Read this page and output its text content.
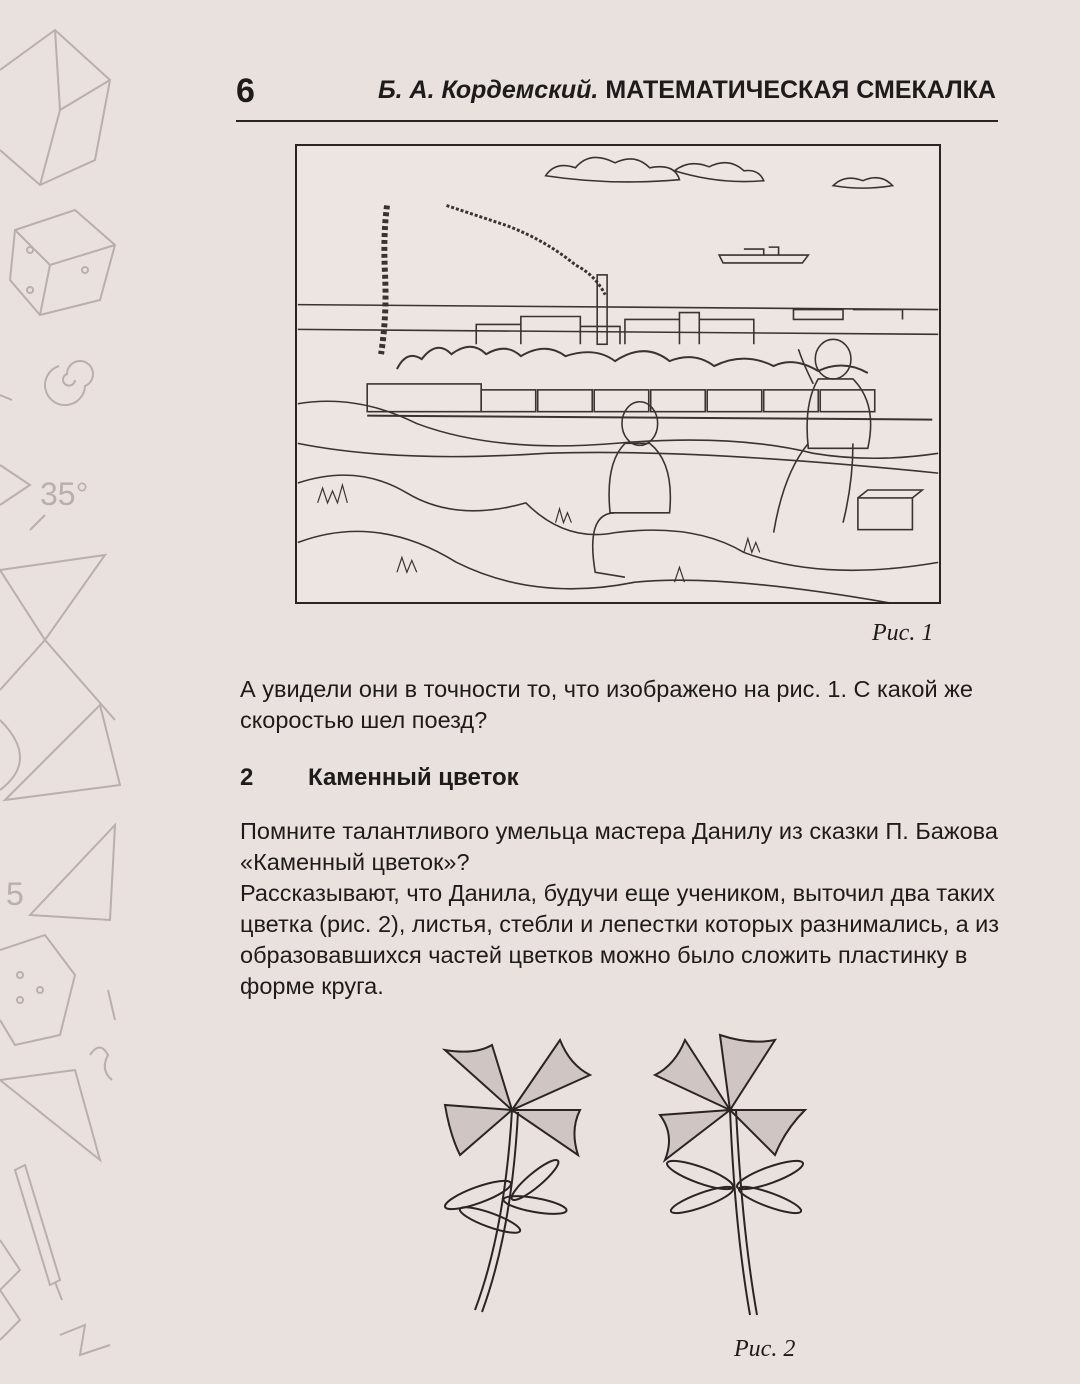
35°
5
6	Б. А. Кордемский. МАТЕМАТИЧЕСКАЯ СМЕКАЛКА
Рис. 1

А увидели они в точности то, что изображено на рис. 1. С какой же скоростью шел поезд?

2 Каменный цветок

Помните талантливого умельца мастера Данилу из сказки П. Бажова «Каменный цветок»?

Рассказывают, что Данила, будучи еще учеником, выточил два таких цветка (рис. 2), листья, стебли и лепестки которых разнимались, а из образовавшихся частей цветков можно было сложить пластинку в форме круга.

Рис. 2
